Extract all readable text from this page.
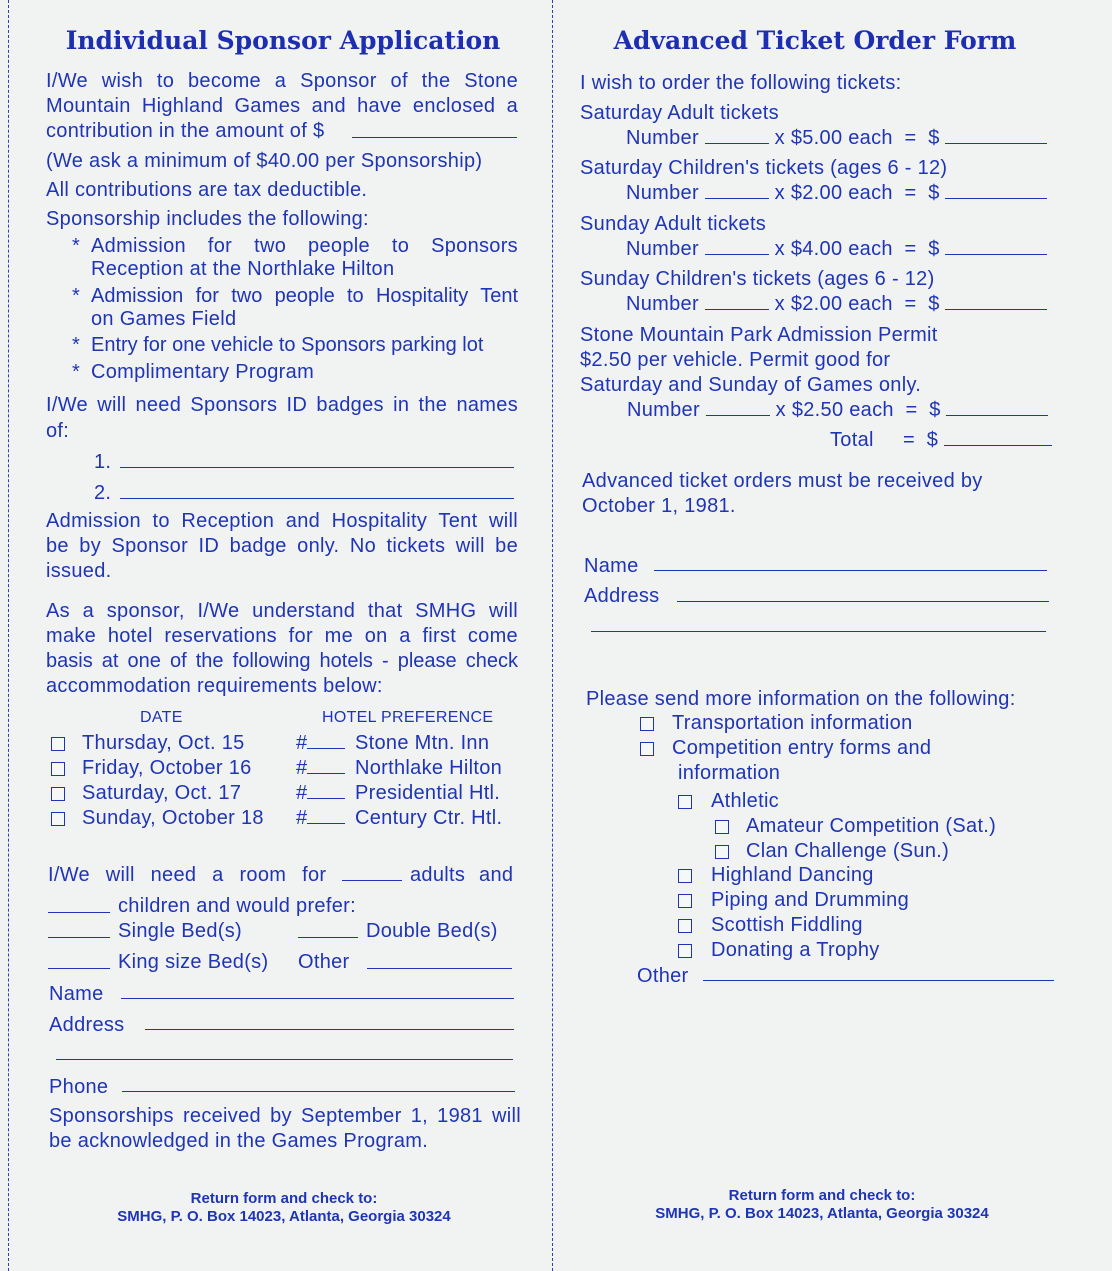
Individual Sponsor Application
I/We wish to become a Sponsor of the Stone
Mountain Highland Games and have enclosed a
contribution in the amount of $
(We ask a minimum of $40.00 per Sponsorship)
All contributions are tax deductible.
Sponsorship includes the following:
* Admission for two people to Sponsors
Reception at the Northlake Hilton
* Admission for two people to Hospitality Tent
on Games Field
* Entry for one vehicle to Sponsors parking lot
* Complimentary Program
I/We will need Sponsors ID badges in the names
of:
1.
2.
Admission to Reception and Hospitality Tent will
be by Sponsor ID badge only. No tickets will be
issued.
As a sponsor, I/We understand that SMHG will
make hotel reservations for me on a first come
basis at one of the following hotels - please check
accommodation requirements below:
DATE	HOTEL PREFERENCE
Thursday, Oct. 15	#	Stone Mtn. Inn
Friday, October 16 #	Northlake Hilton
Saturday, Oct. 17	#	Presidential Htl.
Sunday, October 18 #	Century Ctr. Htl.
I/We will need a room for	adults and
children and would prefer:
Single Bed(s)	Double Bed(s)
King size Bed(s) Other
Name
Address
Phone
Sponsorships received by September 1, 1981 will
be acknowledged in the Games Program.
Return form and check to:
SMHG, P. O. Box 14023, Atlanta, Georgia 30324
Advanced Ticket Order Form
I wish to order the following tickets:
Saturday Adult tickets
Number	x $5.00 each  =  $
Saturday Children's tickets (ages 6 - 12)
Number	x $2.00 each  =  $
Sunday Adult tickets
Number	x $4.00 each  =  $
Sunday Children's tickets (ages 6 - 12)
Number	x $2.00 each  =  $
Stone Mountain Park Admission Permit
$2.50 per vehicle. Permit good for
Saturday and Sunday of Games only.
Number	x $2.50 each  =  $
Total     =  $
Advanced ticket orders must be received by
October 1, 1981.
Name
Address
Please send more information on the following:
Transportation information
Competition entry forms and
information
Athletic
Amateur Competition (Sat.)
Clan Challenge (Sun.)
Highland Dancing
Piping and Drumming
Scottish Fiddling
Donating a Trophy
Other
Return form and check to:
SMHG, P. O. Box 14023, Atlanta, Georgia 30324
